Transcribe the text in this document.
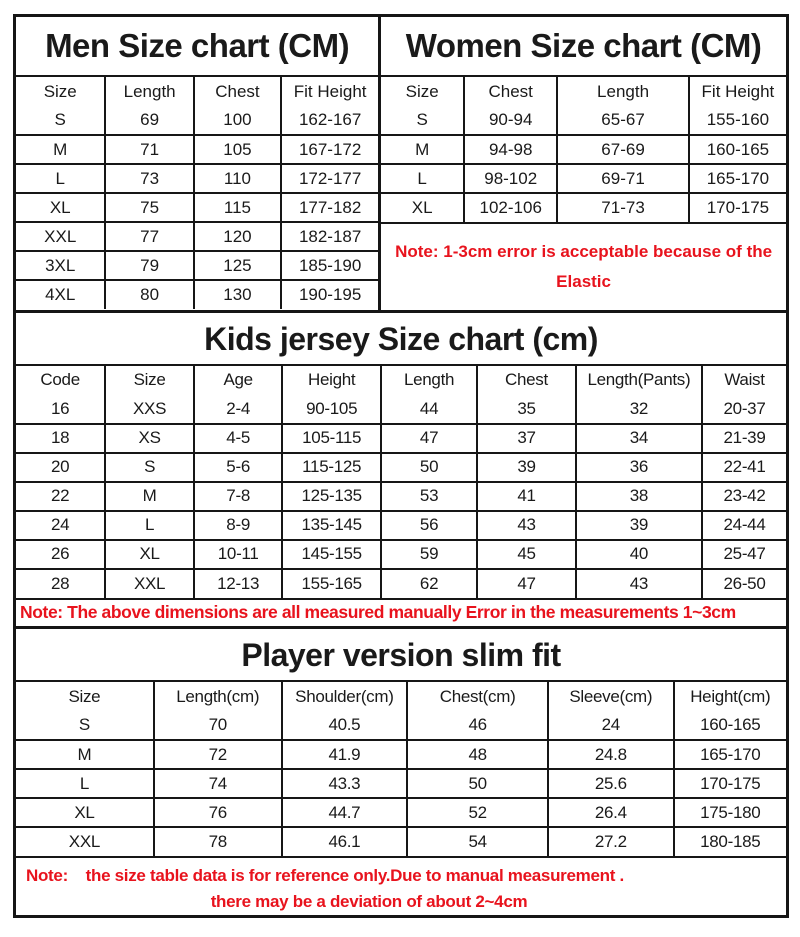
Men Size chart (CM)
Size	Length	Chest	Fit Height
S	69	100	162-167
M	71	105	167-172
L	73	110	172-177
XL	75	115	177-182
XXL	77	120	182-187
3XL	79	125	185-190
4XL	80	130	190-195
Women Size chart (CM)
Size	Chest	Length	Fit Height
S	90-94	65-67	155-160
M	94-98	67-69	160-165
L	98-102	69-71	165-170
XL	102-106	71-73	170-175
Note: 1-3cm error is acceptable because of the
Elastic
Kids jersey Size chart (cm)
Code	Size	Age	Height	Length	Chest	Length(Pants)	Waist
16	XXS	2-4	90-105	44	35	32	20-37
18	XS	4-5	105-115	47	37	34	21-39
20	S	5-6	115-125	50	39	36	22-41
22	M	7-8	125-135	53	41	38	23-42
24	L	8-9	135-145	56	43	39	24-44
26	XL	10-11	145-155	59	45	40	25-47
28	XXL	12-13	155-165	62	47	43	26-50
Note: The above dimensions are all measured manually Error in the measurements 1~3cm
Player version slim fit
Size	Length(cm)	Shoulder(cm)	Chest(cm)	Sleeve(cm)	Height(cm)
S	70	40.5	46	24	160-165
M	72	41.9	48	24.8	165-170
L	74	43.3	50	25.6	170-175
XL	76	44.7	52	26.4	175-180
XXL	78	46.1	54	27.2	180-185
Note:    the size table data is for reference only.Due to manual measurement .
there may be a deviation of about 2~4cm
